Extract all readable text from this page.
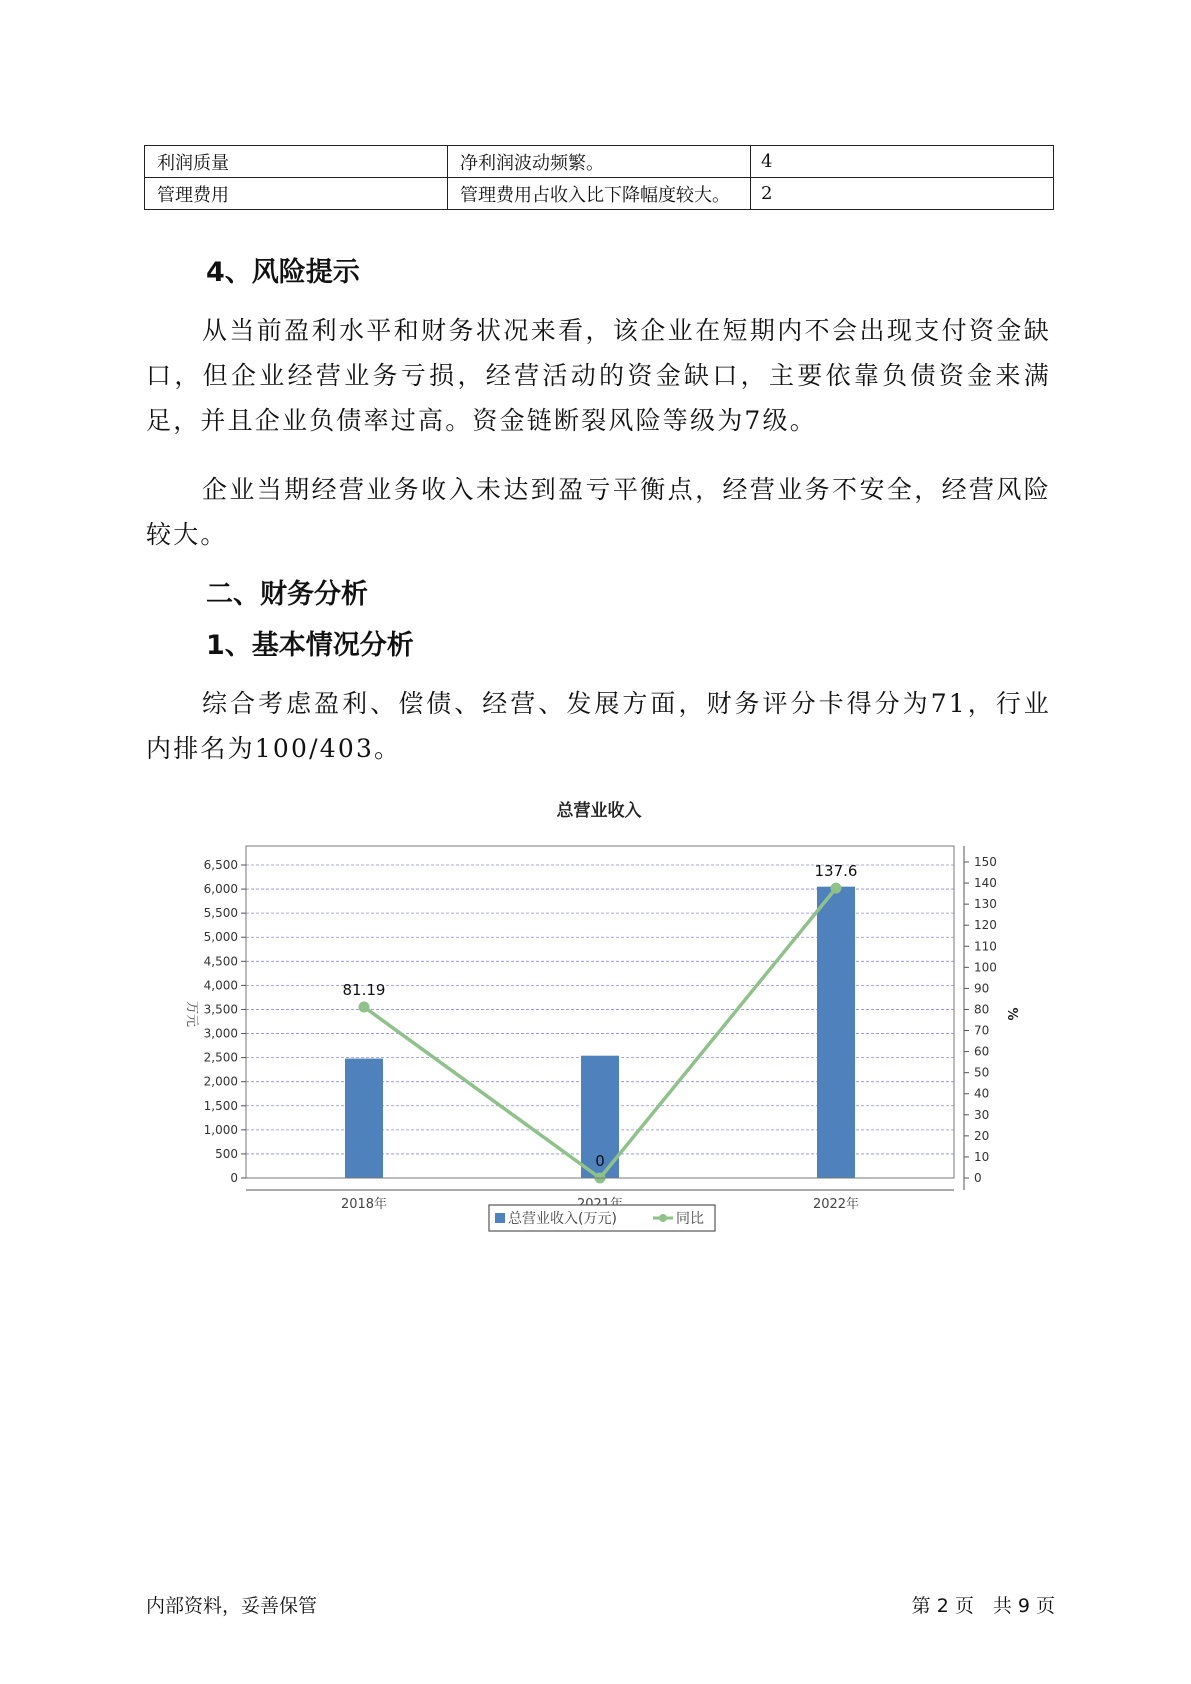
利润质量	净利润波动频繁。	4
管理费用	管理费用占收入比下降幅度较大。	2
4、风险提示
从当前盈利水平和财务状况来看，该企业在短期内不会出现支付资金缺口，但企业经营业务亏损，经营活动的资金缺口，主要依靠负债资金来满足，并且企业负债率过高。资金链断裂风险等级为7级。
企业当期经营业务收入未达到盈亏平衡点，经营业务不安全，经营风险较大。
二、财务分析
1、基本情况分析
综合考虑盈利、偿债、经营、发展方面，财务评分卡得分为71，行业内排名为100/403。
总营业收入
81.19
0
137.6
0
500
1,000
1,500
2,000
2,500
3,000
3,500
4,000
4,500
5,000
5,500
6,000
6,500
0
10
20
30
40
50
60
70
80
90
100
110
120
130
140
150
万元	%
2018年	2022年
总营业收入(万元)	同比
内部资料，妥善保管	第 2 页　共 9 页
